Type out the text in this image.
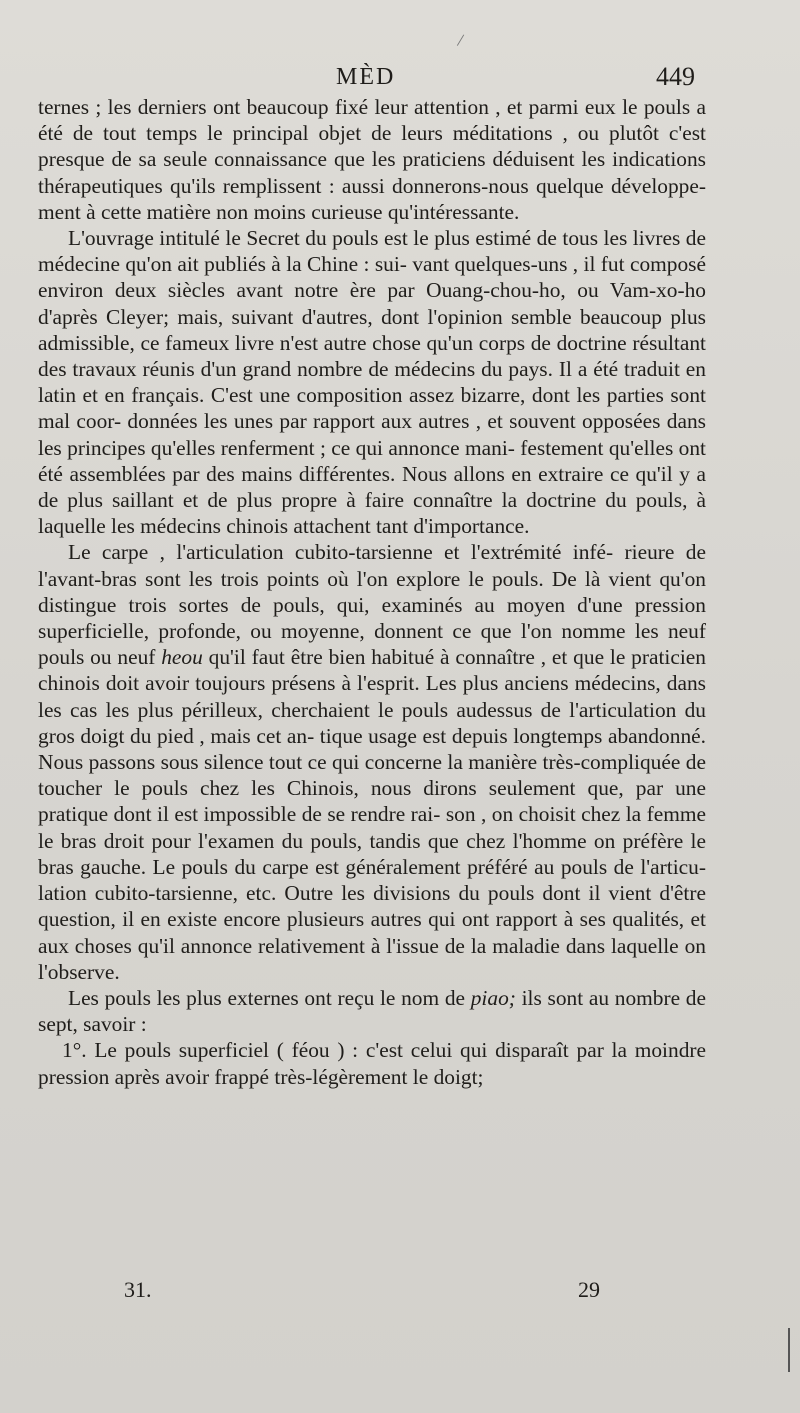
/
MÈD	449

ternes ; les derniers ont beaucoup fixé leur attention , et parmi eux le pouls a été de tout temps le principal objet de leurs méditations , ou plutôt c'est presque de sa seule connaissance que les praticiens déduisent les indications thérapeutiques qu'ils remplissent : aussi donnerons-nous quelque développe- ment à cette matière non moins curieuse qu'intéressante.

L'ouvrage intitulé le Secret du pouls est le plus estimé de tous les livres de médecine qu'on ait publiés à la Chine : sui- vant quelques-uns , il fut composé environ deux siècles avant notre ère par Ouang-chou-ho, ou Vam-xo-ho d'après Cleyer; mais, suivant d'autres, dont l'opinion semble beaucoup plus admissible, ce fameux livre n'est autre chose qu'un corps de doctrine résultant des travaux réunis d'un grand nombre de médecins du pays. Il a été traduit en latin et en français. C'est une composition assez bizarre, dont les parties sont mal coor- données les unes par rapport aux autres , et souvent opposées dans les principes qu'elles renferment ; ce qui annonce mani- festement qu'elles ont été assemblées par des mains différentes. Nous allons en extraire ce qu'il y a de plus saillant et de plus propre à faire connaître la doctrine du pouls, à laquelle les médecins chinois attachent tant d'importance.

Le carpe , l'articulation cubito-tarsienne et l'extrémité infé- rieure de l'avant-bras sont les trois points où l'on explore le pouls. De là vient qu'on distingue trois sortes de pouls, qui, examinés au moyen d'une pression superficielle, profonde, ou moyenne, donnent ce que l'on nomme les neuf pouls ou neuf heou qu'il faut être bien habitué à connaître , et que le praticien chinois doit avoir toujours présens à l'esprit. Les plus anciens médecins, dans les cas les plus périlleux, cherchaient le pouls audessus de l'articulation du gros doigt du pied , mais cet an- tique usage est depuis longtemps abandonné. Nous passons sous silence tout ce qui concerne la manière très-compliquée de toucher le pouls chez les Chinois, nous dirons seulement que, par une pratique dont il est impossible de se rendre rai- son , on choisit chez la femme le bras droit pour l'examen du pouls, tandis que chez l'homme on préfère le bras gauche. Le pouls du carpe est généralement préféré au pouls de l'articu- lation cubito-tarsienne, etc. Outre les divisions du pouls dont il vient d'être question, il en existe encore plusieurs autres qui ont rapport à ses qualités, et aux choses qu'il annonce relativement à l'issue de la maladie dans laquelle on l'observe.

Les pouls les plus externes ont reçu le nom de piao; ils sont au nombre de sept, savoir :

1°. Le pouls superficiel ( féou ) : c'est celui qui disparaît par la moindre pression après avoir frappé très-légèrement le doigt;

31.	29
